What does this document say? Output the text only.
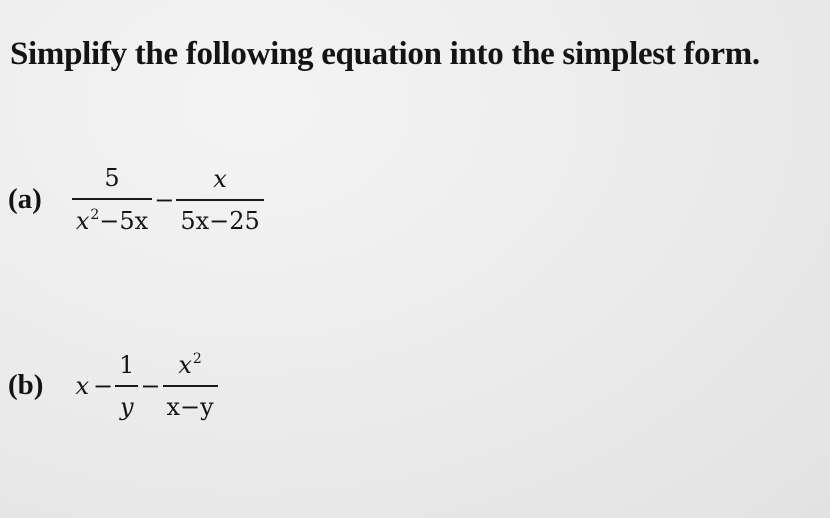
Simplify the following equation into the simplest form.
$(a) \frac{5}{x^2-5x} - \frac{x}{5x-25}$
(b) $x - \frac{1}{y} - \frac{x^2}{x-y}$
